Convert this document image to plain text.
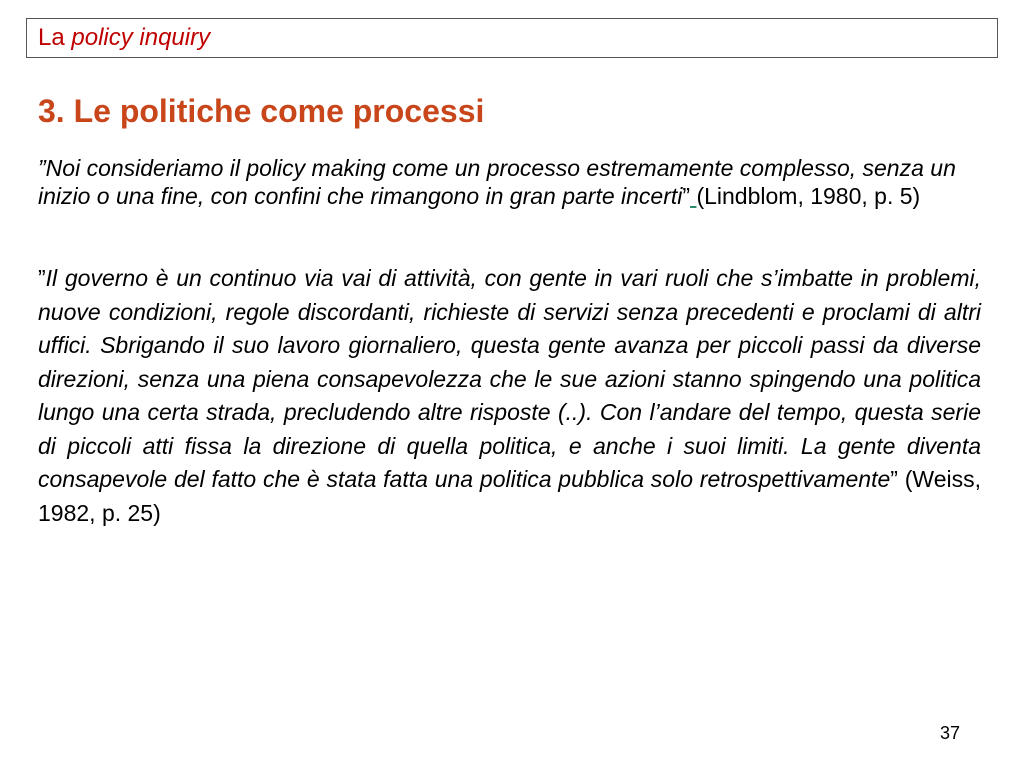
La policy inquiry
3. Le politiche come processi

”Noi consideriamo il policy making come un processo estremamente complesso, senza un inizio o una fine, con confini che rimangono in gran parte incerti” (Lindblom, 1980, p. 5)

”Il governo è un continuo via vai di attività, con gente in vari ruoli che s’imbatte in problemi, nuove condizioni, regole discordanti, richieste di servizi senza precedenti e proclami di altri uffici. Sbrigando il suo lavoro giornaliero, questa gente avanza per piccoli passi da diverse direzioni, senza una piena consapevolezza che le sue azioni stanno spingendo una politica lungo una certa strada, precludendo altre risposte (..). Con l’andare del tempo, questa serie di piccoli atti fissa la direzione di quella politica, e anche i suoi limiti. La gente diventa consapevole del fatto che è stata fatta una politica pubblica solo retrospettivamente” (Weiss, 1982, p. 25)

37
